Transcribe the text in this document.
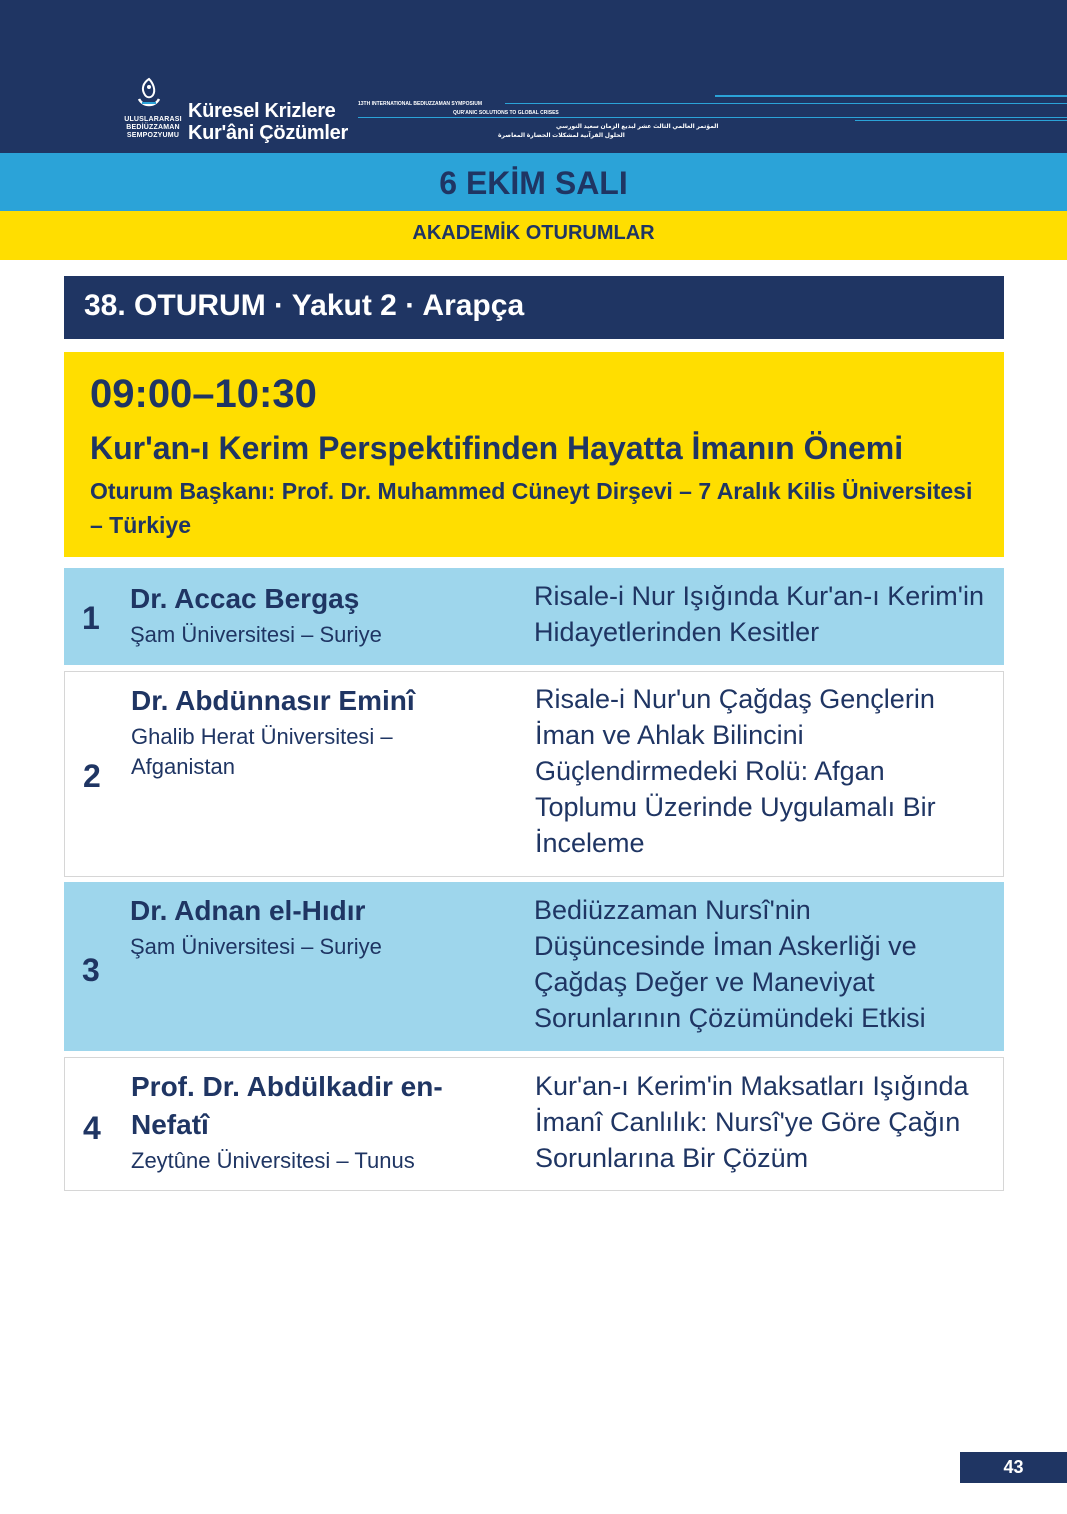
ULUSLARARASI BEDİÜZZAMAN SEMPOZYUMU
Küresel Krizlere
Kur'âni Çözümler
13TH INTERNATIONAL BEDIUZZAMAN SYMPOSIUM
QUR'ANIC SOLUTIONS TO GLOBAL CRISES
المؤتمر العالمي الثالث عشر لبديع الزمان سعيد النورسي
الحلول القرآنية لمشكلات الحضارة المعاصرة
6 EKİM SALI
AKADEMİK OTURUMLAR
38. OTURUM · Yakut 2 · Arapça
09:00–10:30
Kur'an-ı Kerim Perspektifinden Hayatta İmanın Önemi
Oturum Başkanı: Prof. Dr. Muhammed Cüneyt Dirşevi – 7 Aralık Kilis Üniversitesi – Türkiye
1
Dr. Accac Bergaş
Şam Üniversitesi – Suriye
Risale-i Nur Işığında Kur'an-ı Kerim'in Hidayetlerinden Kesitler
2
Dr. Abdünnasır Eminî
Ghalib Herat Üniversitesi – Afganistan
Risale-i Nur'un Çağdaş Gençlerin İman ve Ahlak Bilincini Güçlendirmedeki Rolü: Afgan Toplumu Üzerinde Uygulamalı Bir İnceleme
3
Dr. Adnan el-Hıdır
Şam Üniversitesi – Suriye
Bediüzzaman Nursî'nin Düşüncesinde İman Askerliği ve Çağdaş Değer ve Maneviyat Sorunlarının Çözümündeki Etkisi
4
Prof. Dr. Abdülkadir en-Nefatî
Zeytûne Üniversitesi – Tunus
Kur'an-ı Kerim'in Maksatları Işığında İmanî Canlılık: Nursî'ye Göre Çağın Sorunlarına Bir Çözüm
43
